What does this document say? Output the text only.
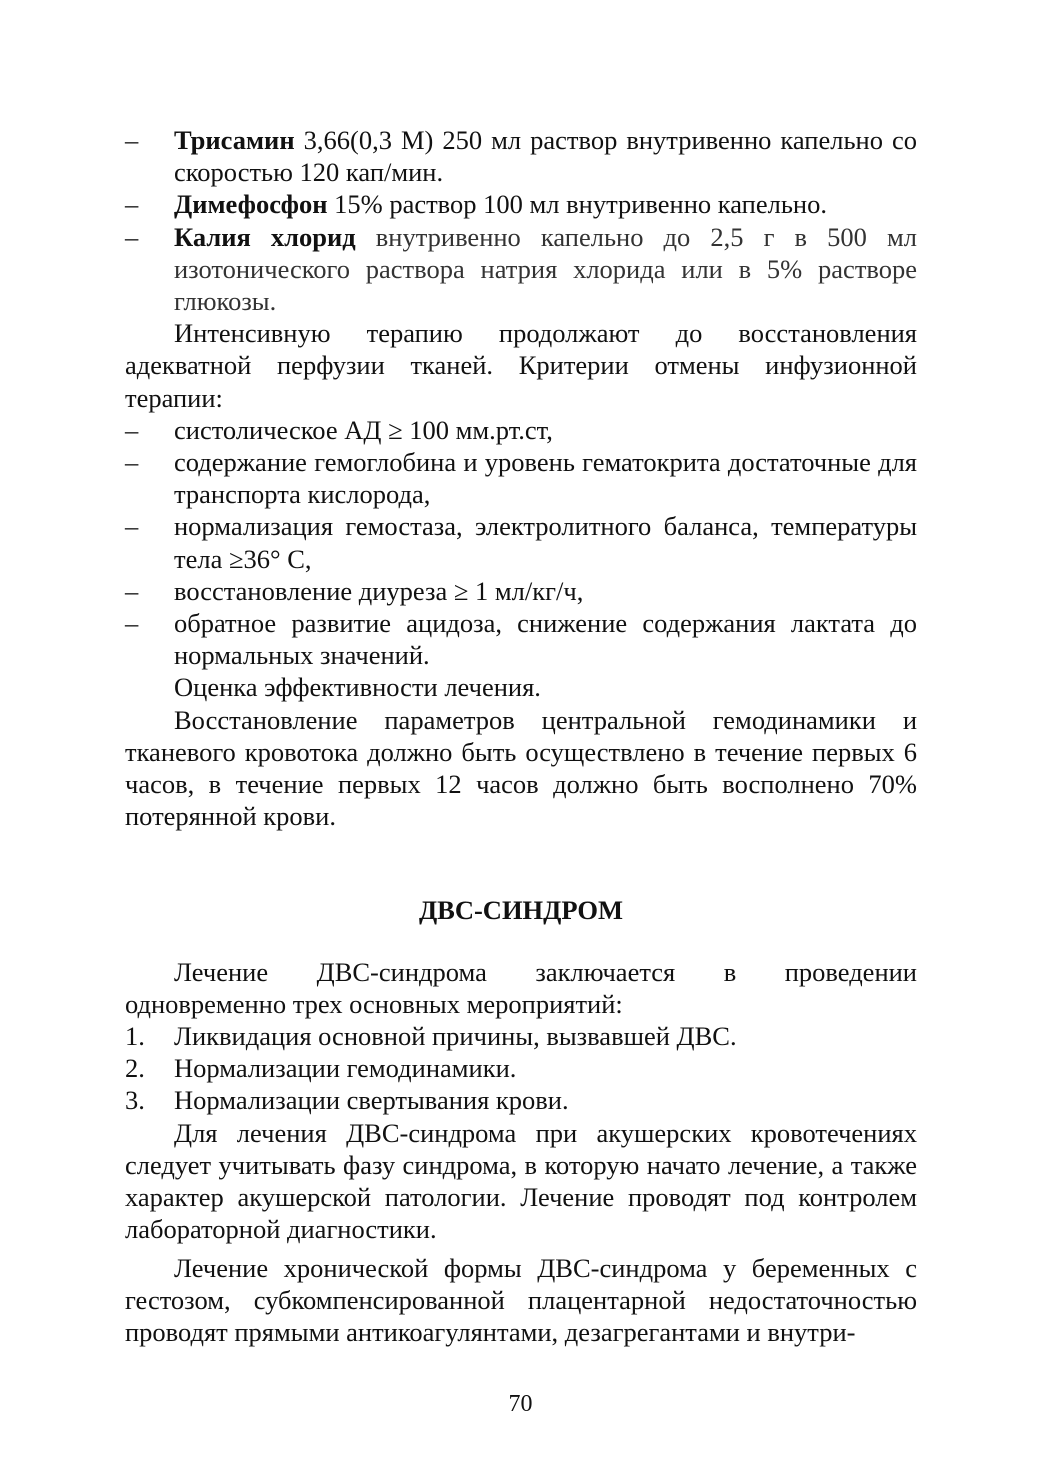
– Трисамин 3,66(0,3 М) 250 мл раствор внутривенно капельно со скоростью 120 кап/мин.
– Димефосфон 15% раствор 100 мл внутривенно капельно.
– Калия хлорид внутривенно капельно до 2,5 г в 500 мл изотонического раствора натрия хлорида или в 5% растворе глюкозы.
Интенсивную терапию продолжают до восстановления адекватной перфузии тканей. Критерии отмены инфузионной терапии:
– систолическое АД ≥ 100 мм.рт.ст,
– содержание гемоглобина и уровень гематокрита достаточные для транспорта кислорода,
– нормализация гемостаза, электролитного баланса, температуры тела ≥36° С,
– восстановление диуреза ≥ 1 мл/кг/ч,
– обратное развитие ацидоза, снижение содержания лактата до нормальных значений.
Оценка эффективности лечения.
Восстановление параметров центральной гемодинамики и тканевого кровотока должно быть осуществлено в течение первых 6 часов, в течение первых 12 часов должно быть восполнено 70% потерянной крови.
ДВС-СИНДРОМ
Лечение ДВС-синдрома заключается в проведении одновременно трех основных мероприятий:
1. Ликвидация основной причины, вызвавшей ДВС.
2. Нормализации гемодинамики.
3. Нормализации свертывания крови.
Для лечения ДВС-синдрома при акушерских кровотечениях следует учитывать фазу синдрома, в которую начато лечение, а также характер акушерской патологии. Лечение проводят под контролем лабораторной диагностики.
Лечение хронической формы ДВС-синдрома у беременных с гестозом, субкомпенсированной плацентарной недостаточностью проводят прямыми антикоагулянтами, дезагрегантами и внутри-
70
